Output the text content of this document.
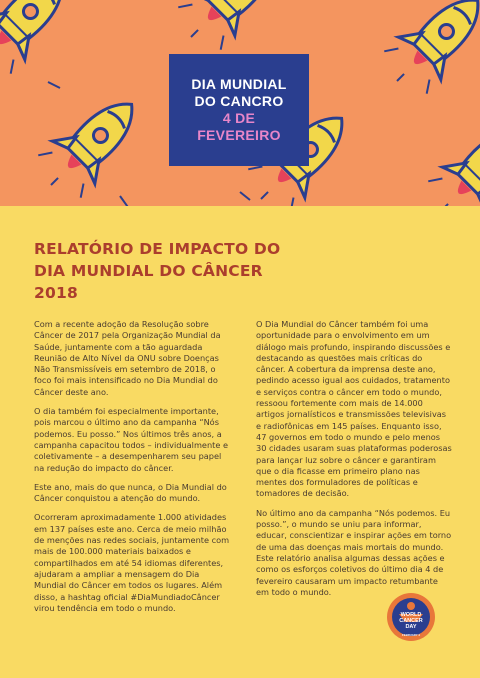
DIA MUNDIAL
DO CANCRO
4 DE
FEVEREIRO
RELATÓRIO DE IMPACTO DO
DIA MUNDIAL DO CÂNCER
2018

Com a recente adoção da Resolução sobre Câncer de 2017 pela Organização Mundial da Saúde, juntamente com a tão aguardada Reunião de Alto Nível da ONU sobre Doenças Não Transmissíveis em setembro de 2018, o foco foi mais intensificado no Dia Mundial do Câncer deste ano.

O dia também foi especialmente importante, pois marcou o último ano da campanha “Nós podemos. Eu posso.” Nos últimos três anos, a campanha capacitou todos – individualmente e coletivamente – a desempenharem seu papel na redução do impacto do câncer.

Este ano, mais do que nunca, o Dia Mundial do Câncer conquistou a atenção do mundo.

Ocorreram aproximadamente 1.000 atividades em 137 países este ano. Cerca de meio milhão de menções nas redes sociais, juntamente com mais de 100.000 materiais baixados e compartilhados em até 54 idiomas diferentes, ajudaram a ampliar a mensagem do Dia Mundial do Câncer em todos os lugares. Além disso, a hashtag oficial #DiaMundiadoCâncer virou tendência em todo o mundo.

O Dia Mundial do Câncer também foi uma oportunidade para o envolvimento em um diálogo mais profundo, inspirando discussões e destacando as questões mais críticas do câncer. A cobertura da imprensa deste ano, pedindo acesso igual aos cuidados, tratamento e serviços contra o câncer em todo o mundo, ressoou fortemente com mais de 14.000 artigos jornalísticos e transmissões televisivas e radiofônicas em 145 países. Enquanto isso, 47 governos em todo o mundo e pelo menos 30 cidades usaram suas plataformas poderosas para lançar luz sobre o câncer e garantiram que o dia ficasse em primeiro plano nas mentes dos formuladores de políticas e tomadores de decisão.

No último ano da campanha “Nós podemos. Eu posso.”, o mundo se uniu para informar, educar, conscientizar e inspirar ações em torno de uma das doenças mais mortais do mundo. Este relatório analisa algumas dessas ações e como os esforços coletivos do último dia 4 de fevereiro causaram um impacto retumbante em todo o mundo.

WORLD
CANCER
DAY
FEBRUARY 4
